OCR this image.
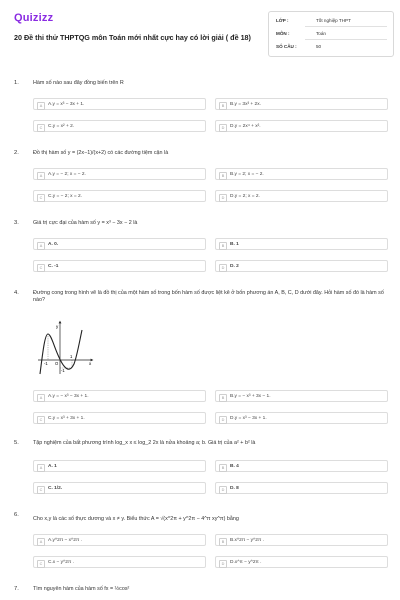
Quizizz
20 Đề thi thử THPTQG môn Toán mới nhất cực hay có lời giải ( đề 18)
LỚP :	Tốt nghiệp THPT
MÔN :	Toán
SỐ CÂU :	50
1.	Hàm số nào sau đây đồng biến trên R
A	A.y = x³ − 3x + 1.	B	B.y = 3x³ + 2x.
C	C.y = x² + 2.	D	D.y = 2x⁴ + x².
2.	Đồ thị hàm số y = (2x−1)/(x+2) có các đường tiệm cận là
A	A.y = − 2; x = − 2.	B	B.y = 2; x = − 2.
C	C.y = − 2; x = 2.	D	D.y = 2; x = 2.
3.	Giá trị cực đại của hàm số y = x³ − 3x − 2 là
A	A. 0.	B	B. 1
C	C. -1	D	D. 2
4.	Đường cong trong hình vẽ là đồ thị của một hàm số trong bốn hàm số được liệt kê ở bốn phương án A, B, C, D dưới đây. Hỏi hàm số đó là hàm số nào?
y
x
O
-1
1
-1
A	A.y = − x³ − 3x + 1.	B	B.y = − x³ + 3x − 1.
C	C.y = x³ + 3x + 1.	D	D.y = x³ − 3x + 1.
5.	Tập nghiệm của bất phương trình log_x x ≤ log_2 2x là nửa khoảng a; b. Giá trị của a² + b² là
A	A. 1	B	B. 4
C	C. 1/2.	D	D. 8
6.
Cho x,y là các số thực dương và x ≠ y. Biểu thức A = √(x^2π + y^2π − 4^π xy^π) bằng
A	A.y^2π − x^2π .	B	B.x^2π − y^2π .
C	C.x − y^2π .	D	D.x^π − y^2π .
7.	Tìm nguyên hàm của hàm số fx = ½cos²
